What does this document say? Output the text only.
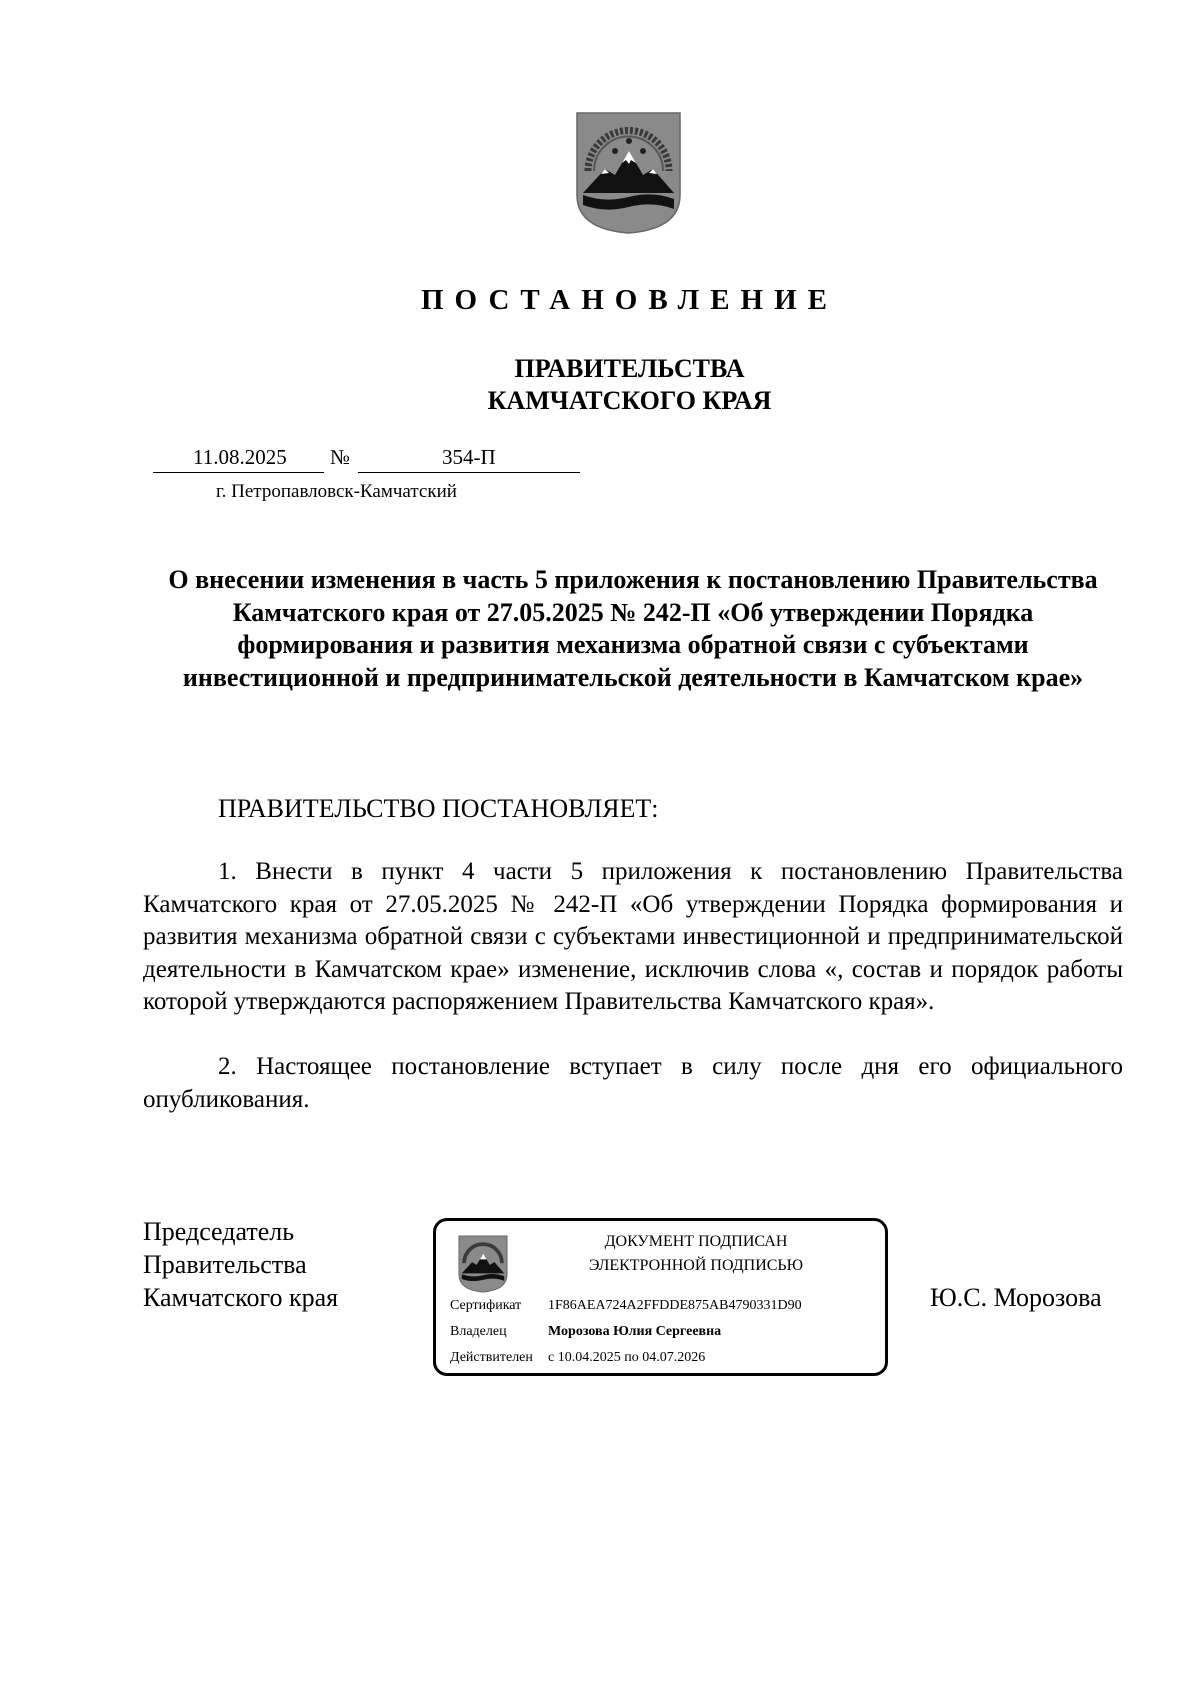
ПОСТАНОВЛЕНИЕ
ПРАВИТЕЛЬСТВА
КАМЧАТСКОГО КРАЯ
11.08.2025 №	354-П
г. Петропавловск-Камчатский
О внесении изменения в часть 5 приложения к постановлению Правительства Камчатского края от 27.05.2025 № 242-П «Об утверждении Порядка формирования и развития механизма обратной связи с субъектами инвестиционной и предпринимательской деятельности в Камчатском крае»
ПРАВИТЕЛЬСТВО ПОСТАНОВЛЯЕТ:
1. Внести в пункт 4 части 5 приложения к постановлению Правительства Камчатского края от 27.05.2025 № 242-П «Об утверждении Порядка формирования и развития механизма обратной связи с субъектами инвестиционной и предпринимательской деятельности в Камчатском крае» изменение, исключив слова «, состав и порядок работы которой утверждаются распоряжением Правительства Камчатского края».
2. Настоящее постановление вступает в силу после дня его официального опубликования.
Председатель
Правительства
Камчатского края	Ю.С. Морозова
ДОКУМЕНТ ПОДПИСАН
ЭЛЕКТРОННОЙ ПОДПИСЬЮ
Сертификат 1F86AEA724A2FFDDE875AB4790331D90
Владелец	Морозова Юлия Сергеевна
Действителен с 10.04.2025 по 04.07.2026
